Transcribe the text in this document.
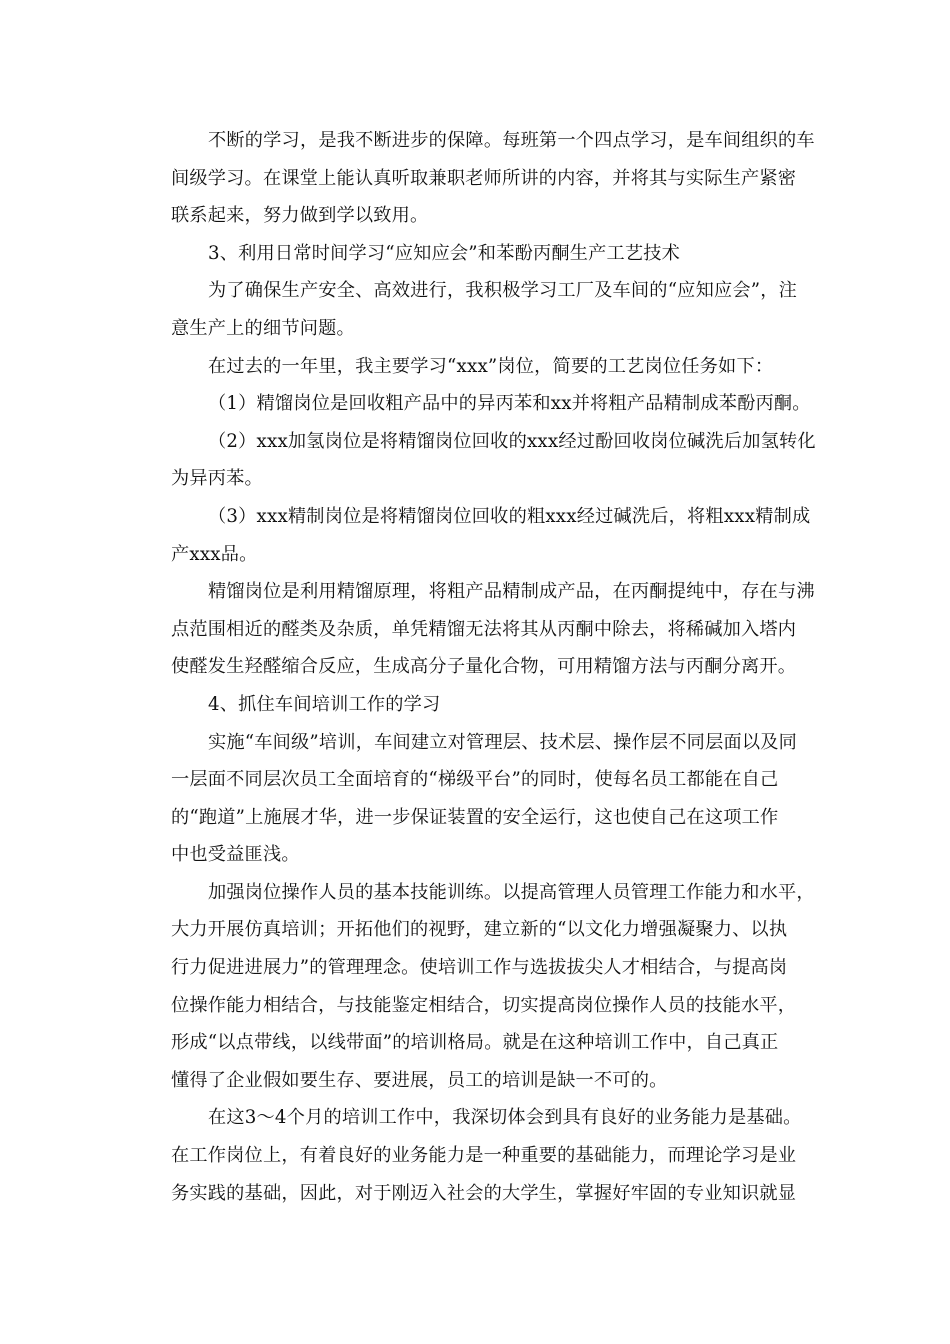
不断的学习，是我不断进步的保障。每班第一个四点学习，是车间组织的车
间级学习。在课堂上能认真听取兼职老师所讲的内容，并将其与实际生产紧密
联系起来，努力做到学以致用。
3、利用日常时间学习“应知应会”和苯酚丙酮生产工艺技术
为了确保生产安全、高效进行，我积极学习工厂及车间的“应知应会”，注
意生产上的细节问题。
在过去的一年里，我主要学习“xxx”岗位，简要的工艺岗位任务如下：
（1）精馏岗位是回收粗产品中的异丙苯和xx并将粗产品精制成苯酚丙酮。
（2）xxx加氢岗位是将精馏岗位回收的xxx经过酚回收岗位碱洗后加氢转化
为异丙苯。
（3）xxx精制岗位是将精馏岗位回收的粗xxx经过碱洗后，将粗xxx精制成
产xxx品。
精馏岗位是利用精馏原理，将粗产品精制成产品，在丙酮提纯中，存在与沸
点范围相近的醛类及杂质，单凭精馏无法将其从丙酮中除去，将稀碱加入塔内
使醛发生羟醛缩合反应，生成高分子量化合物，可用精馏方法与丙酮分离开。
4、抓住车间培训工作的学习
实施“车间级”培训，车间建立对管理层、技术层、操作层不同层面以及同
一层面不同层次员工全面培育的“梯级平台”的同时，使每名员工都能在自己
的“跑道”上施展才华，进一步保证装置的安全运行，这也使自己在这项工作
中也受益匪浅。
加强岗位操作人员的基本技能训练。以提高管理人员管理工作能力和水平，
大力开展仿真培训；开拓他们的视野，建立新的“以文化力增强凝聚力、以执
行力促进进展力”的管理理念。使培训工作与选拔拔尖人才相结合，与提高岗
位操作能力相结合，与技能鉴定相结合，切实提高岗位操作人员的技能水平，
形成“以点带线，以线带面”的培训格局。就是在这种培训工作中，自己真正
懂得了企业假如要生存、要进展，员工的培训是缺一不可的。
在这3～4个月的培训工作中，我深切体会到具有良好的业务能力是基础。
在工作岗位上，有着良好的业务能力是一种重要的基础能力，而理论学习是业
务实践的基础，因此，对于刚迈入社会的大学生，掌握好牢固的专业知识就显
